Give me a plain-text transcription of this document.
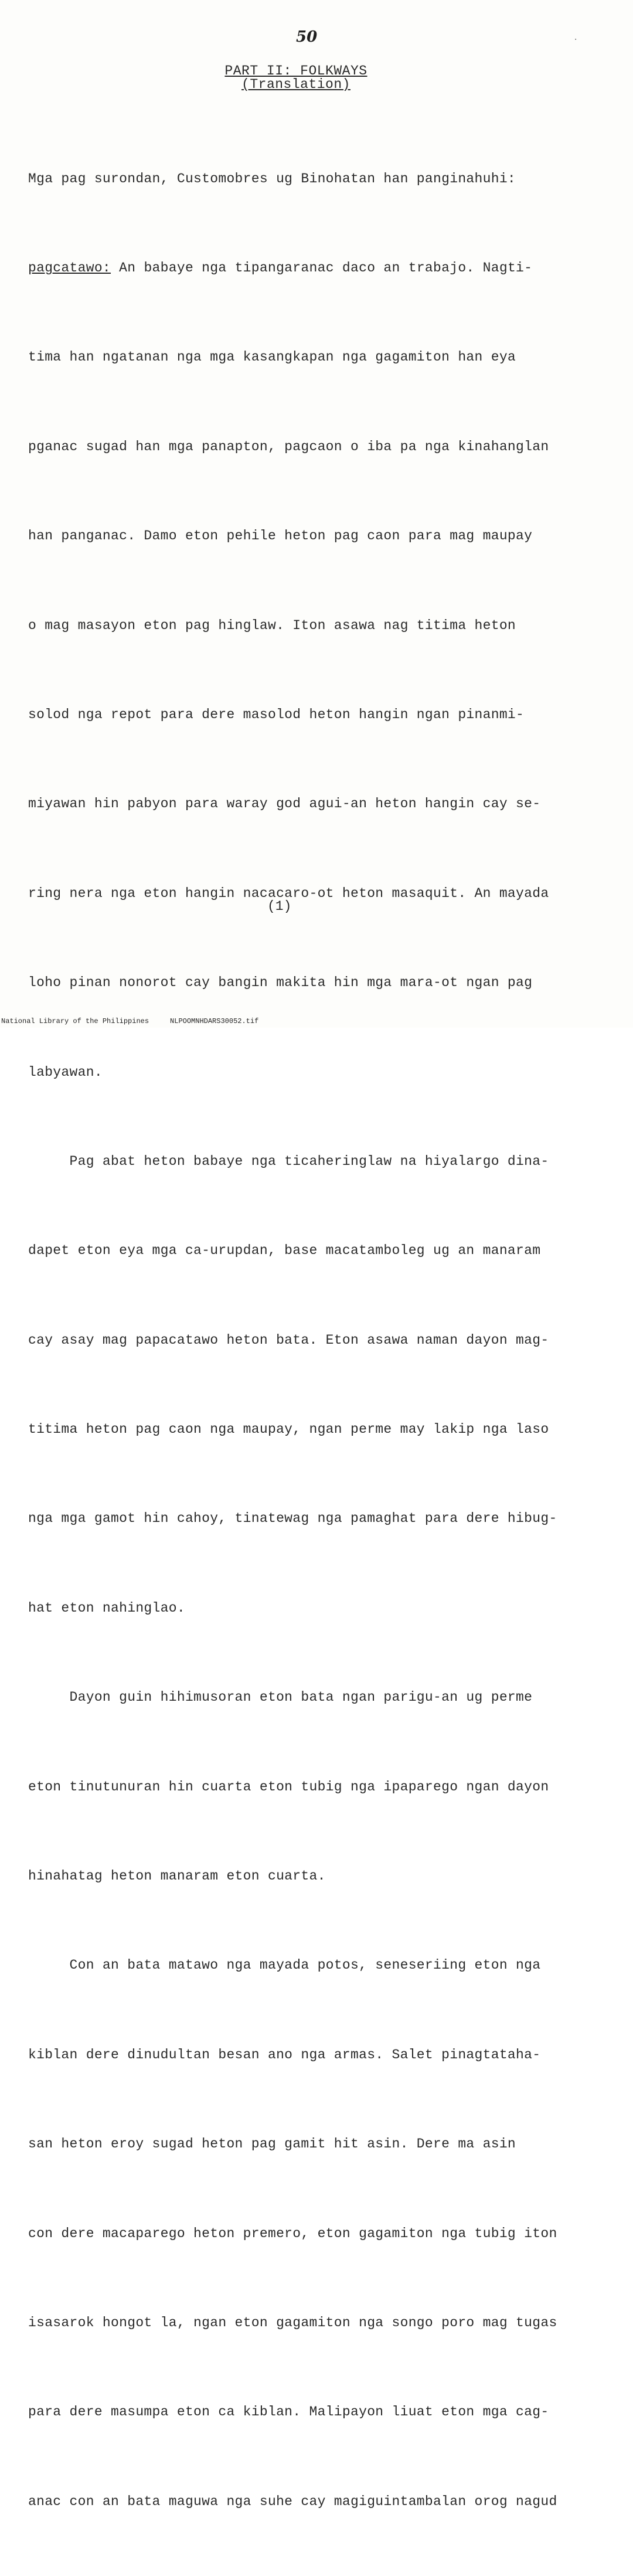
50	·
PART II: FOLKWAYS
(Translation)

Mga pag surondan, Customobres ug Binohatan han panginahuhi:

pagcatawo: An babaye nga tipangaranac daco an trabajo. Nagti-

tima han ngatanan nga mga kasangkapan nga gagamiton han eya

pganac sugad han mga panapton, pagcaon o iba pa nga kinahanglan

han panganac. Damo eton pehile heton pag caon para mag maupay

o mag masayon eton pag hinglaw. Iton asawa nag titima heton

solod nga repot para dere masolod heton hangin ngan pinanmi-

miyawan hin pabyon para waray god agui-an heton hangin cay se-

ring nera nga eton hangin nacacaro-ot heton masaquit. An mayada

loho pinan nonorot cay bangin makita hin mga mara-ot ngan pag

labyawan.

Pag abat heton babaye nga ticaheringlaw na hiyalargo dina-

dapet eton eya mga ca-urupdan, base macatamboleg ug an manaram

cay asay mag papacatawo heton bata. Eton asawa naman dayon mag-

titima heton pag caon nga maupay, ngan perme may lakip nga laso

nga mga gamot hin cahoy, tinatewag nga pamaghat para dere hibug-

hat eton nahinglao.

Dayon guin hihimusoran eton bata ngan parigu-an ug perme

eton tinutunuran hin cuarta eton tubig nga ipaparego ngan dayon

hinahatag heton manaram eton cuarta.

Con an bata matawo nga mayada potos, seneseriing eton nga

kiblan dere dinudultan besan ano nga armas. Salet pinagtataha-

san heton eroy sugad heton pag gamit hit asin. Dere ma asin

con dere macaparego heton premero, eton gagamiton nga tubig iton

isasarok hongot la, ngan eton gagamiton nga songo poro mag tugas

para dere masumpa eton ca kiblan. Malipayon liuat eton mga cag-

anac con an bata maguwa nga suhe cay magiguintambalan orog nagud

(1)
National Library of the Philippines	NLPOOMNHDARS30052.tif
